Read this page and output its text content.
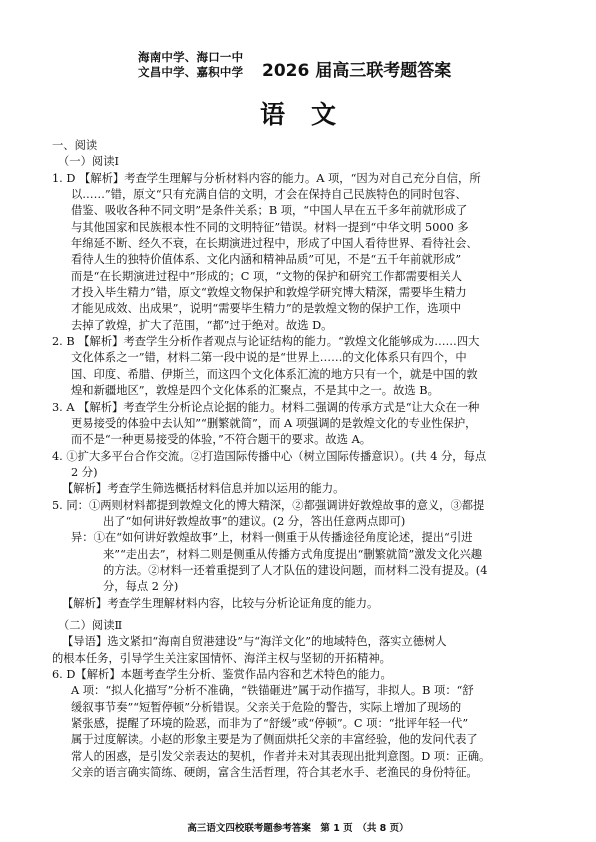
海南中学、海口一中
文昌中学、嘉积中学 2026 届高三联考题答案
语文
一、阅读
（一）阅读Ⅰ
1. D 【解析】考查学生理解与分析材料内容的能力。A 项，“因为对自己充分自信，所
以……”错，原文“只有充满自信的文明，才会在保持自己民族特色的同时包容、
借鉴、吸收各种不同文明”是条件关系；B 项，“中国人早在五千多年前就形成了
与其他国家和民族根本性不同的文明特征”错误。材料一提到“中华文明 5000 多
年绵延不断、经久不衰，在长期演进过程中，形成了中国人看待世界、看待社会、
看待人生的独特价值体系、文化内涵和精神品质”可见，不是“五千年前就形成”
而是“在长期演进过程中”形成的；C 项，“文物的保护和研究工作都需要相关人
才投入毕生精力”错，原文“敦煌文物保护和敦煌学研究博大精深，需要毕生精力
才能见成效、出成果”，说明“需要毕生精力”的是敦煌文物的保护工作，选项中
去掉了敦煌，扩大了范围，“都”过于绝对。故选 D。
2. B 【解析】考查学生分析作者观点与论证结构的能力。“敦煌文化能够成为……四大
文化体系之一”错，材料二第一段中说的是“世界上……的文化体系只有四个，中
国、印度、希腊、伊斯兰，而这四个文化体系汇流的地方只有一个，就是中国的敦
煌和新疆地区”，敦煌是四个文化体系的汇聚点，不是其中之一。故选 B。
3. A 【解析】考查学生分析论点论据的能力。材料二强调的传承方式是“让大众在一种
更易接受的体验中去认知”“删繁就简”，而 A 项强调的是敦煌文化的专业性保护，
而不是“一种更易接受的体验，”不符合题干的要求。故选 A。
4. ①扩大多平台合作交流。②打造国际传播中心（树立国际传播意识）。(共 4 分，每点
2 分)
【解析】考查学生筛选概括材料信息并加以运用的能力。
5. 同：①两则材料都提到敦煌文化的博大精深，②都强调讲好敦煌故事的意义，③都提
出了“如何讲好敦煌故事”的建议。(2 分，答出任意两点即可)
异：①在“如何讲好敦煌故事”上，材料一侧重于从传播途径角度论述，提出“引进
来”“走出去”，材料二则是侧重从传播方式角度提出“删繁就简”激发文化兴趣
的方法。②材料一还着重提到了人才队伍的建设问题，而材料二没有提及。(4
分，每点 2 分)
【解析】考查学生理解材料内容，比较与分析论证角度的能力。
（二）阅读Ⅱ
【导语】选文紧扣“海南自贸港建设”与“海洋文化”的地域特色，落实立德树人
的根本任务，引导学生关注家国情怀、海洋主权与坚韧的开拓精神。
6. D【解析】本题考查学生分析、鉴赏作品内容和艺术特色的能力。
A 项：“拟人化描写”分析不准确，“铁锚砸进”属于动作描写，非拟人。B 项：“舒
缓叙事节奏”“短暂停顿”分析错误。父亲关于危险的警告，实际上增加了现场的
紧张感，提醒了环境的险恶，而非为了“舒缓”或“停顿”。C 项：“批评年轻一代”
属于过度解读。小赵的形象主要是为了侧面烘托父亲的丰富经验，他的发问代表了
常人的困惑，是引发父亲表达的契机，作者并未对其表现出批判意图。D 项：正确。
父亲的语言确实简练、硬朗，富含生活哲理，符合其老水手、老渔民的身份特征。
高三语文四校联考题参考答案　第 1 页　（共 8 页）
